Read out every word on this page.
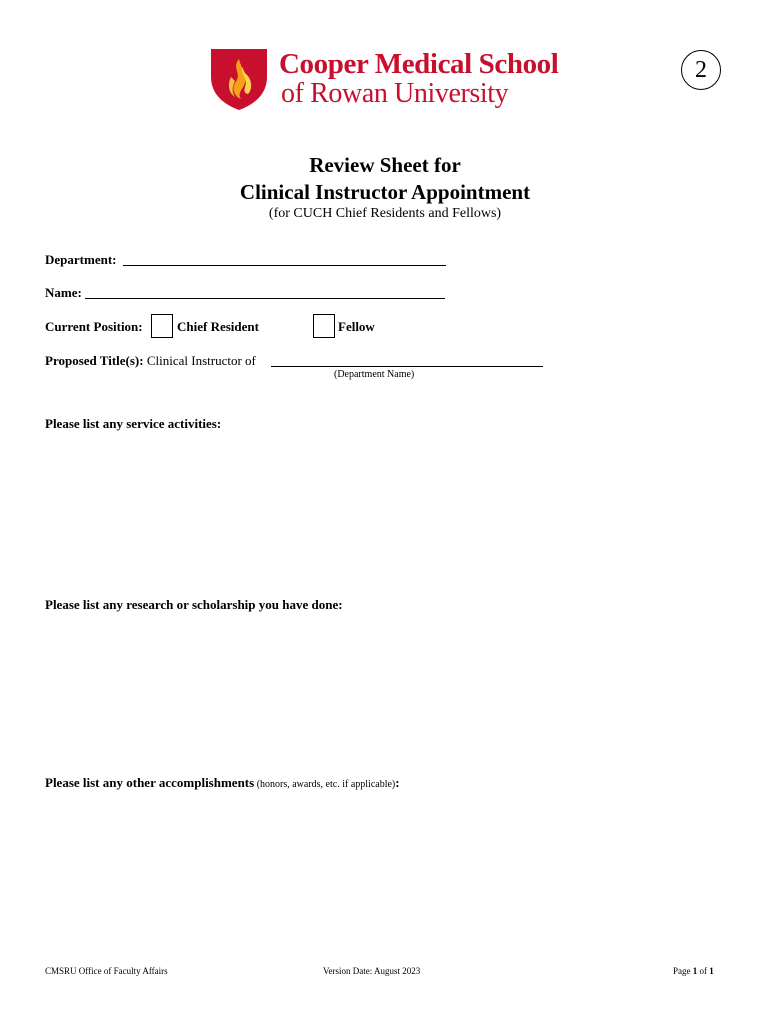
Cooper Medical School
of Rowan University
2
Review Sheet for
Clinical Instructor Appointment
(for CUCH Chief Residents and Fellows)
Department:
Name:
Current Position:	Chief Resident	Fellow
Proposed Title(s): Clinical Instructor of
(Department Name)
Please list any service activities:
Please list any research or scholarship you have done:
Please list any other accomplishments (honors, awards, etc. if applicable):
CMSRU Office of Faculty Affairs	Version Date: August 2023	Page 1 of 1
